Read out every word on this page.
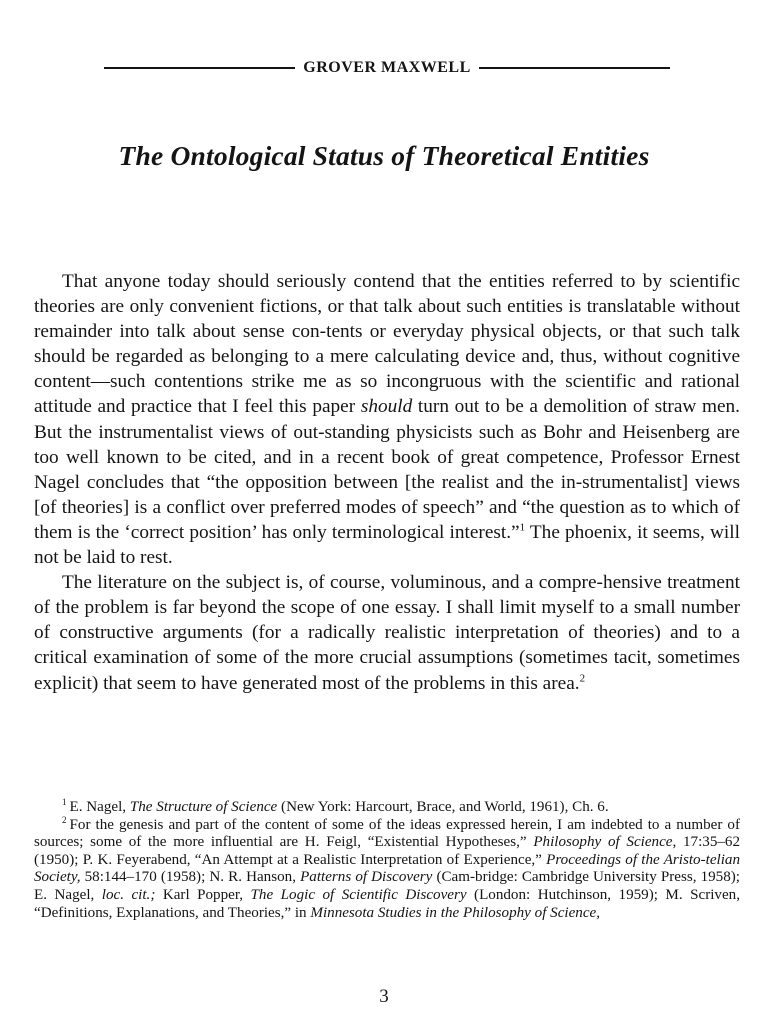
GROVER MAXWELL
The Ontological Status of Theoretical Entities

That anyone today should seriously contend that the entities referred to by scientific theories are only convenient fictions, or that talk about such entities is translatable without remainder into talk about sense con-tents or everyday physical objects, or that such talk should be regarded as belonging to a mere calculating device and, thus, without cognitive content—such contentions strike me as so incongruous with the scientific and rational attitude and practice that I feel this paper should turn out to be a demolition of straw men. But the instrumentalist views of out-standing physicists such as Bohr and Heisenberg are too well known to be cited, and in a recent book of great competence, Professor Ernest Nagel concludes that “the opposition between [the realist and the in-strumentalist] views [of theories] is a conflict over preferred modes of speech” and “the question as to which of them is the ‘correct position’ has only terminological interest.”$^1$ The phoenix, it seems, will not be laid to rest.

The literature on the subject is, of course, voluminous, and a compre-hensive treatment of the problem is far beyond the scope of one essay. I shall limit myself to a small number of constructive arguments (for a radically realistic interpretation of theories) and to a critical examination of some of the more crucial assumptions (sometimes tacit, sometimes explicit) that seem to have generated most of the problems in this area.$^2$

$^1$ E. Nagel, The Structure of Science (New York: Harcourt, Brace, and World, 1961), Ch. 6.

$^2$ For the genesis and part of the content of some of the ideas expressed herein, I am indebted to a number of sources; some of the more influential are H. Feigl, “Existential Hypotheses,” Philosophy of Science, 17:35–62 (1950); P. K. Feyerabend, “An Attempt at a Realistic Interpretation of Experience,” Proceedings of the Aristo-telian Society, 58:144–170 (1958); N. R. Hanson, Patterns of Discovery (Cam-bridge: Cambridge University Press, 1958); E. Nagel, loc. cit.; Karl Popper, The Logic of Scientific Discovery (London: Hutchinson, 1959); M. Scriven, “Definitions, Explanations, and Theories,” in Minnesota Studies in the Philosophy of Science,

3
